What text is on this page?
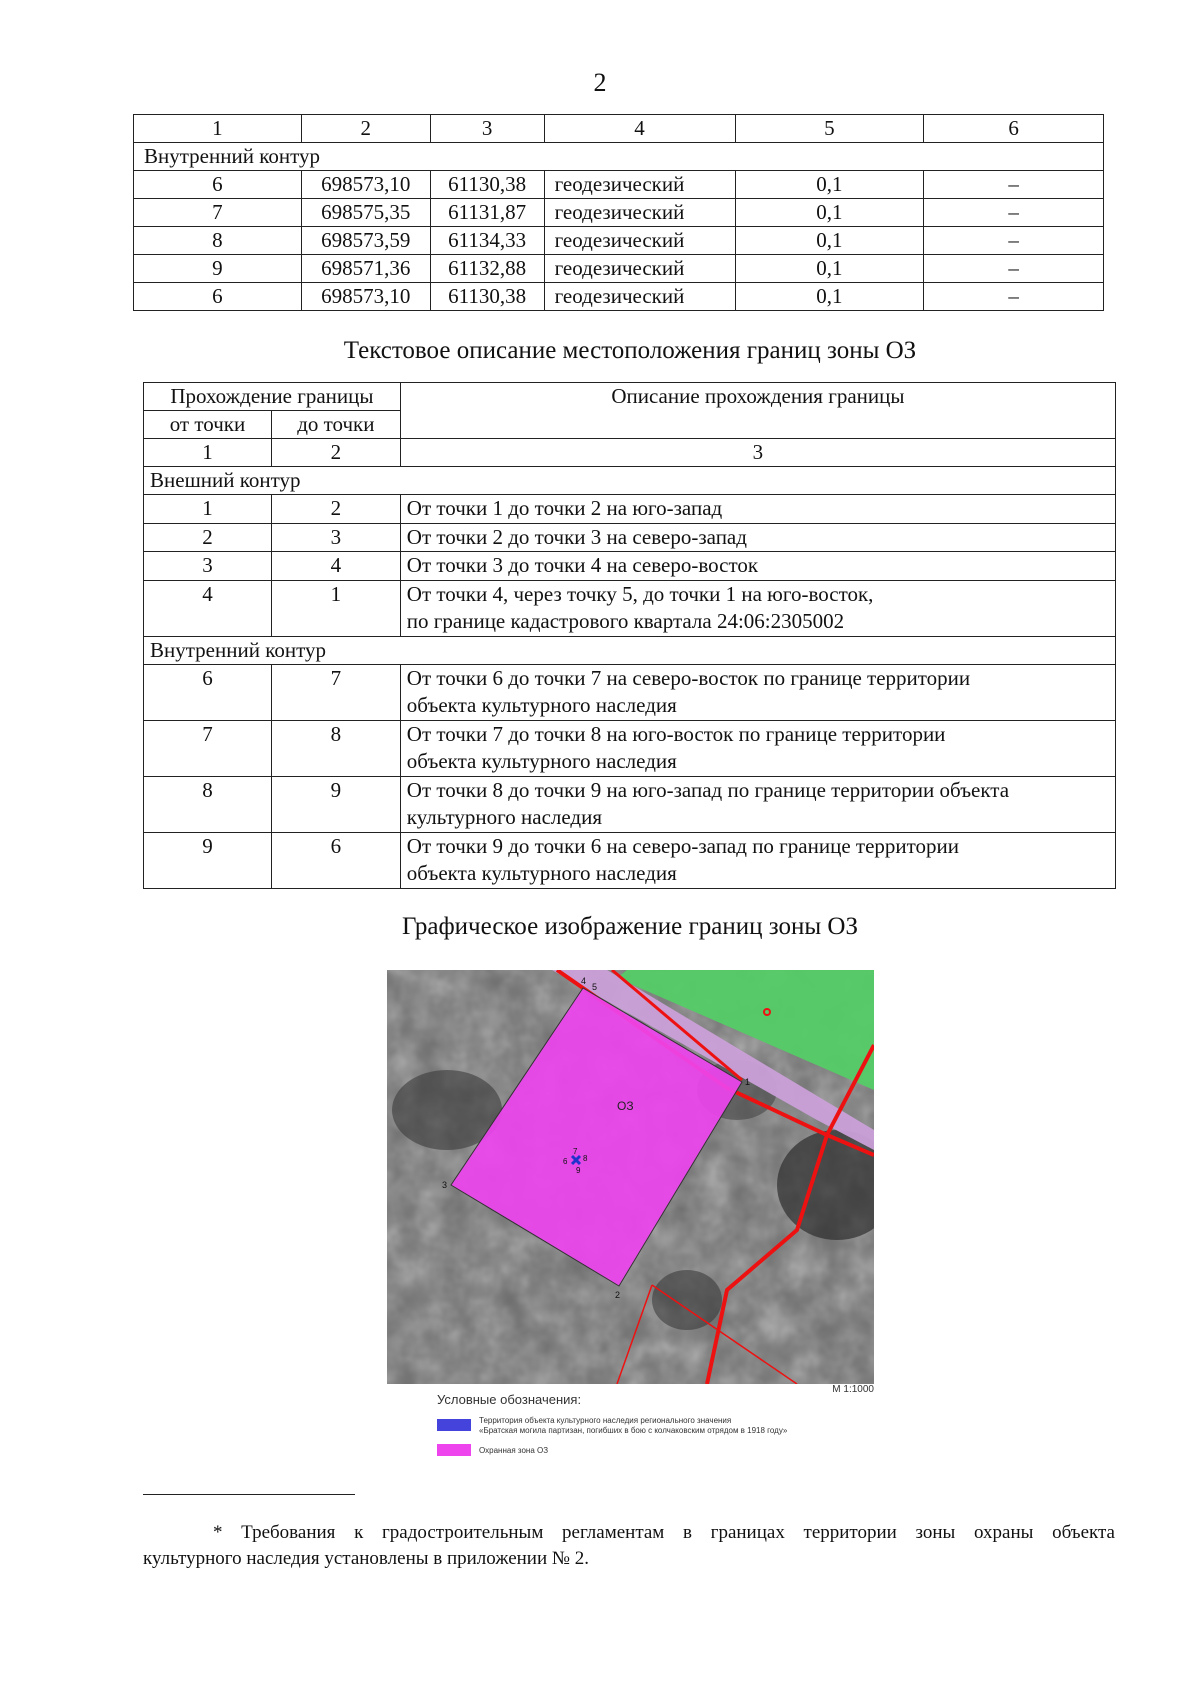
2
1	2	3	4	5	6
Внутренний контур					
6	698573,10	61130,38	геодезический	0,1	–
7	698575,35	61131,87	геодезический	0,1	–
8	698573,59	61134,33	геодезический	0,1	–
9	698571,36	61132,88	геодезический	0,1	–
6	698573,10	61130,38	геодезический	0,1	–
Текстовое описание местоположения границ зоны ОЗ
Прохождение границы		Описание прохождения границы
от точки	до точки	
1	2	3
Внешний контур		
1	2	От точки 1 до точки 2 на юго-запад
2	3	От точки 2 до точки 3 на северо-запад
3	4	От точки 3 до точки 4 на северо-восток
4	1	От точки 4, через точку 5, до точки 1 на юго-восток,
по границе кадастрового квартала 24:06:2305002

Внутренний контур		
6	7	От точки 6 до точки 7 на северо-восток по границе территории
объекта культурного наследия

7	8	От точки 7 до точки 8 на юго-восток по границе территории
объекта культурного наследия

8	9	От точки 8 до точки 9 на юго-запад по границе территории объекта
культурного наследия

9	6	От точки 9 до точки 6 на северо-запад по границе территории
объекта культурного наследия
Графическое изображение границ зоны ОЗ
ОЗ
4
5
1
3
2
7
6 8
9
М 1:1000
Условные обозначения:
Территория объекта культурного наследия регионального значения
«Братская могила партизан, погибших в бою с колчаковским отрядом в 1918 году»
Охранная зона ОЗ
* Требования к градостроительным регламентам в границах территории зоны охраны объекта
культурного наследия установлены в приложении № 2.
